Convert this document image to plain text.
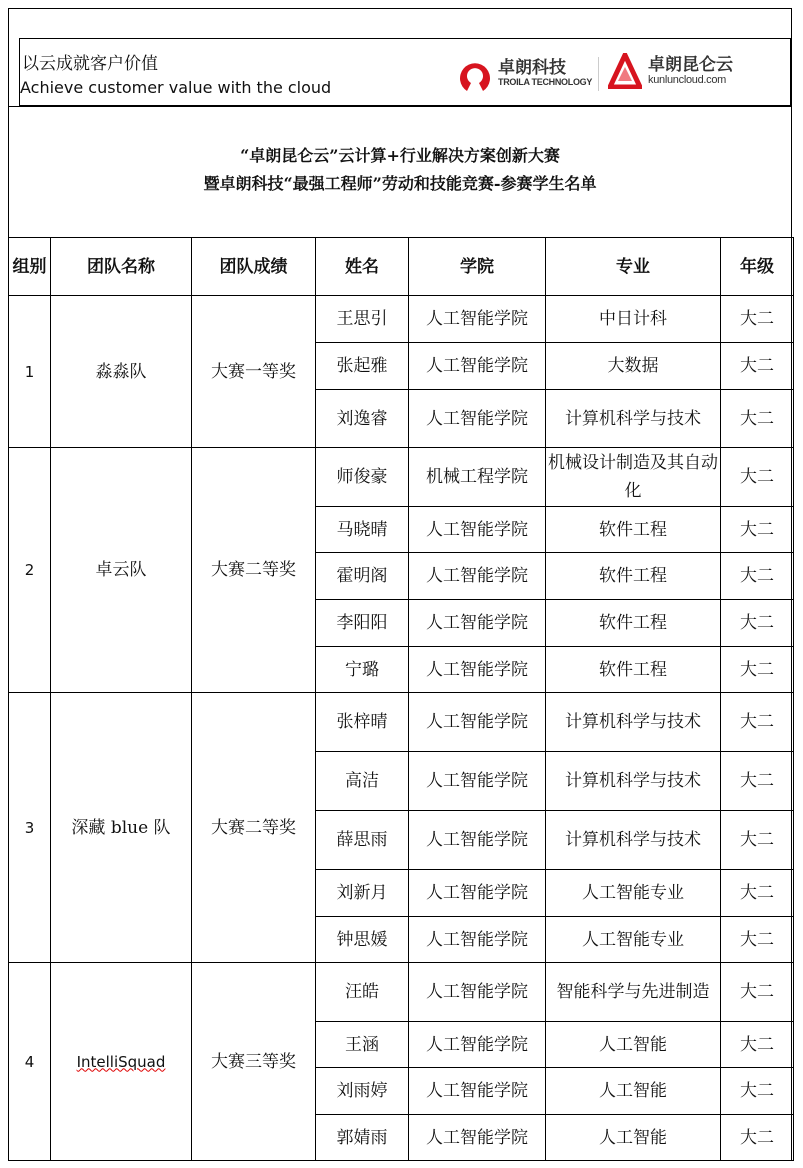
以云成就客户价值
Achieve customer value with the cloud
卓朗科技
TROILA TECHNOLOGY
卓朗昆仑云
kunluncloud.com
“卓朗昆仑云”云计算+行业解决方案创新大赛
暨卓朗科技“最强工程师”劳动和技能竞赛-参赛学生名单
组别	团队名称	团队成绩	姓名	学院	专业	年级
1	淼淼队	大赛一等奖	王思引	人工智能学院	中日计科	大二
			张起雅	人工智能学院	大数据	大二
			刘逸睿	人工智能学院	计算机科学与技术	大二
2	卓云队	大赛二等奖	师俊豪	机械工程学院	机械设计制造及其自动化	大二
			马晓晴	人工智能学院	软件工程	大二
			霍明阁	人工智能学院	软件工程	大二
			李阳阳	人工智能学院	软件工程	大二
			宁璐	人工智能学院	软件工程	大二
3	深藏 blue 队	大赛二等奖	张梓晴	人工智能学院	计算机科学与技术	大二
			高洁	人工智能学院	计算机科学与技术	大二
			薛思雨	人工智能学院	计算机科学与技术	大二
			刘新月	人工智能学院	人工智能专业	大二
			钟思媛	人工智能学院	人工智能专业	大二
4	IntelliSquad	大赛三等奖	汪皓	人工智能学院	智能科学与先进制造	大二
			王涵	人工智能学院	人工智能	大二
			刘雨婷	人工智能学院	人工智能	大二
			郭婧雨	人工智能学院	人工智能	大二
